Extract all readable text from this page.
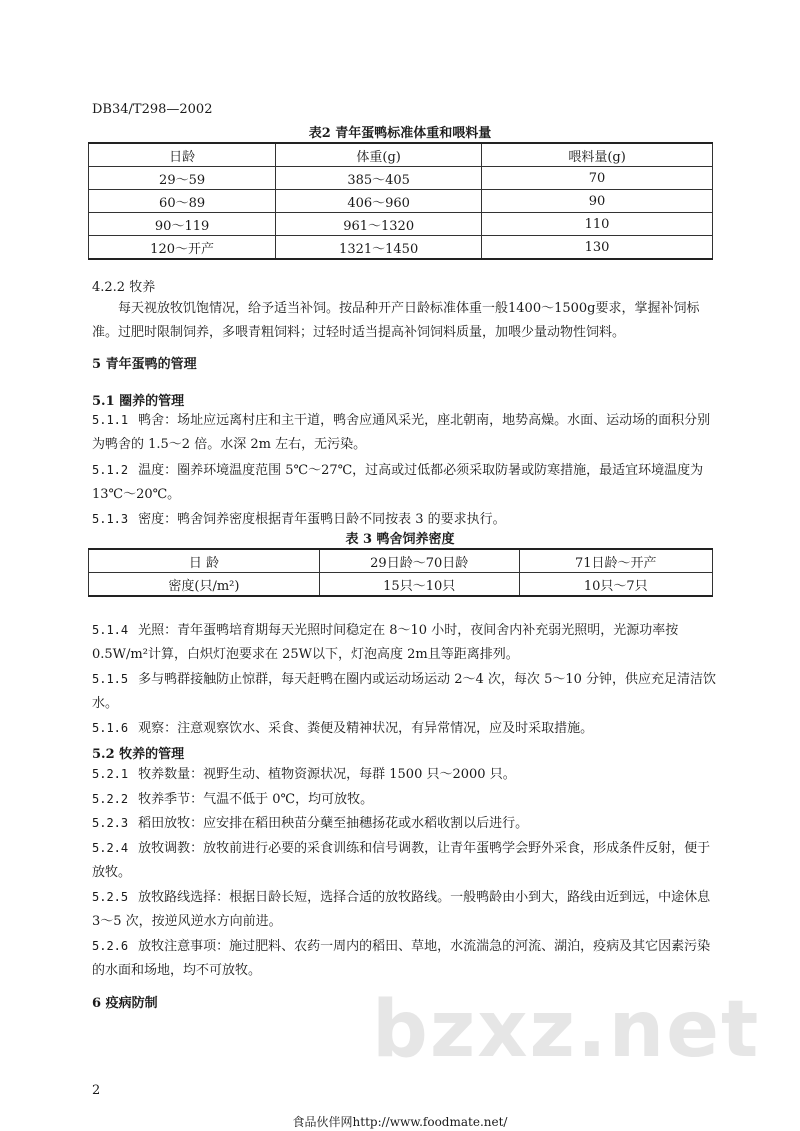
DB34/T298—2002
表2 青年蛋鸭标准体重和喂料量
日龄	体重(g)	喂料量(g)
29～59	385～405	70
60～89	406～960	90
90～119	961～1320	110
120～开产	1321～1450	130
4.2.2 牧养
每天视放牧饥饱情况，给予适当补饲。按品种开产日龄标准体重一般1400～1500g要求，掌握补饲标准。过肥时限制饲养，多喂青粗饲料；过轻时适当提高补饲饲料质量，加喂少量动物性饲料。
5 青年蛋鸭的管理
5.1 圈养的管理
5.1.1 鸭舍：场址应远离村庄和主干道，鸭舍应通风采光，座北朝南，地势高燥。水面、运动场的面积分别为鸭舍的 1.5～2 倍。水深 2m 左右，无污染。
5.1.2 温度：圈养环境温度范围 5℃～27℃，过高或过低都必须采取防暑或防寒措施，最适宜环境温度为 13℃～20℃。
5.1.3 密度：鸭舍饲养密度根据青年蛋鸭日龄不同按表 3 的要求执行。
表 3 鸭舍饲养密度
日 龄	29日龄～70日龄	71日龄～开产
密度(只/m²)	15只～10只	10只～7只
5.1.4 光照：青年蛋鸭培育期每天光照时间稳定在 8～10 小时，夜间舍内补充弱光照明，光源功率按 0.5W/m²计算，白炽灯泡要求在 25W以下，灯泡高度 2m且等距离排列。
5.1.5 多与鸭群接触防止惊群，每天赶鸭在圈内或运动场运动 2～4 次，每次 5～10 分钟，供应充足清洁饮水。
5.1.6 观察：注意观察饮水、采食、粪便及精神状况，有异常情况，应及时采取措施。
5.2 牧养的管理
5.2.1 牧养数量：视野生动、植物资源状况，每群 1500 只～2000 只。
5.2.2 牧养季节：气温不低于 0℃，均可放牧。
5.2.3 稻田放牧：应安排在稻田秧苗分蘖至抽穗扬花或水稻收割以后进行。
5.2.4 放牧调教：放牧前进行必要的采食训练和信号调教，让青年蛋鸭学会野外采食，形成条件反射，便于放牧。
5.2.5 放牧路线选择：根据日龄长短，选择合适的放牧路线。一般鸭龄由小到大，路线由近到远，中途休息 3～5 次，按逆风逆水方向前进。
5.2.6 放牧注意事项：施过肥料、农药一周内的稻田、草地，水流湍急的河流、湖泊，疫病及其它因素污染的水面和场地，均不可放牧。
6 疫病防制	bzxz.net
2
食品伙伴网http://www.foodmate.net/
